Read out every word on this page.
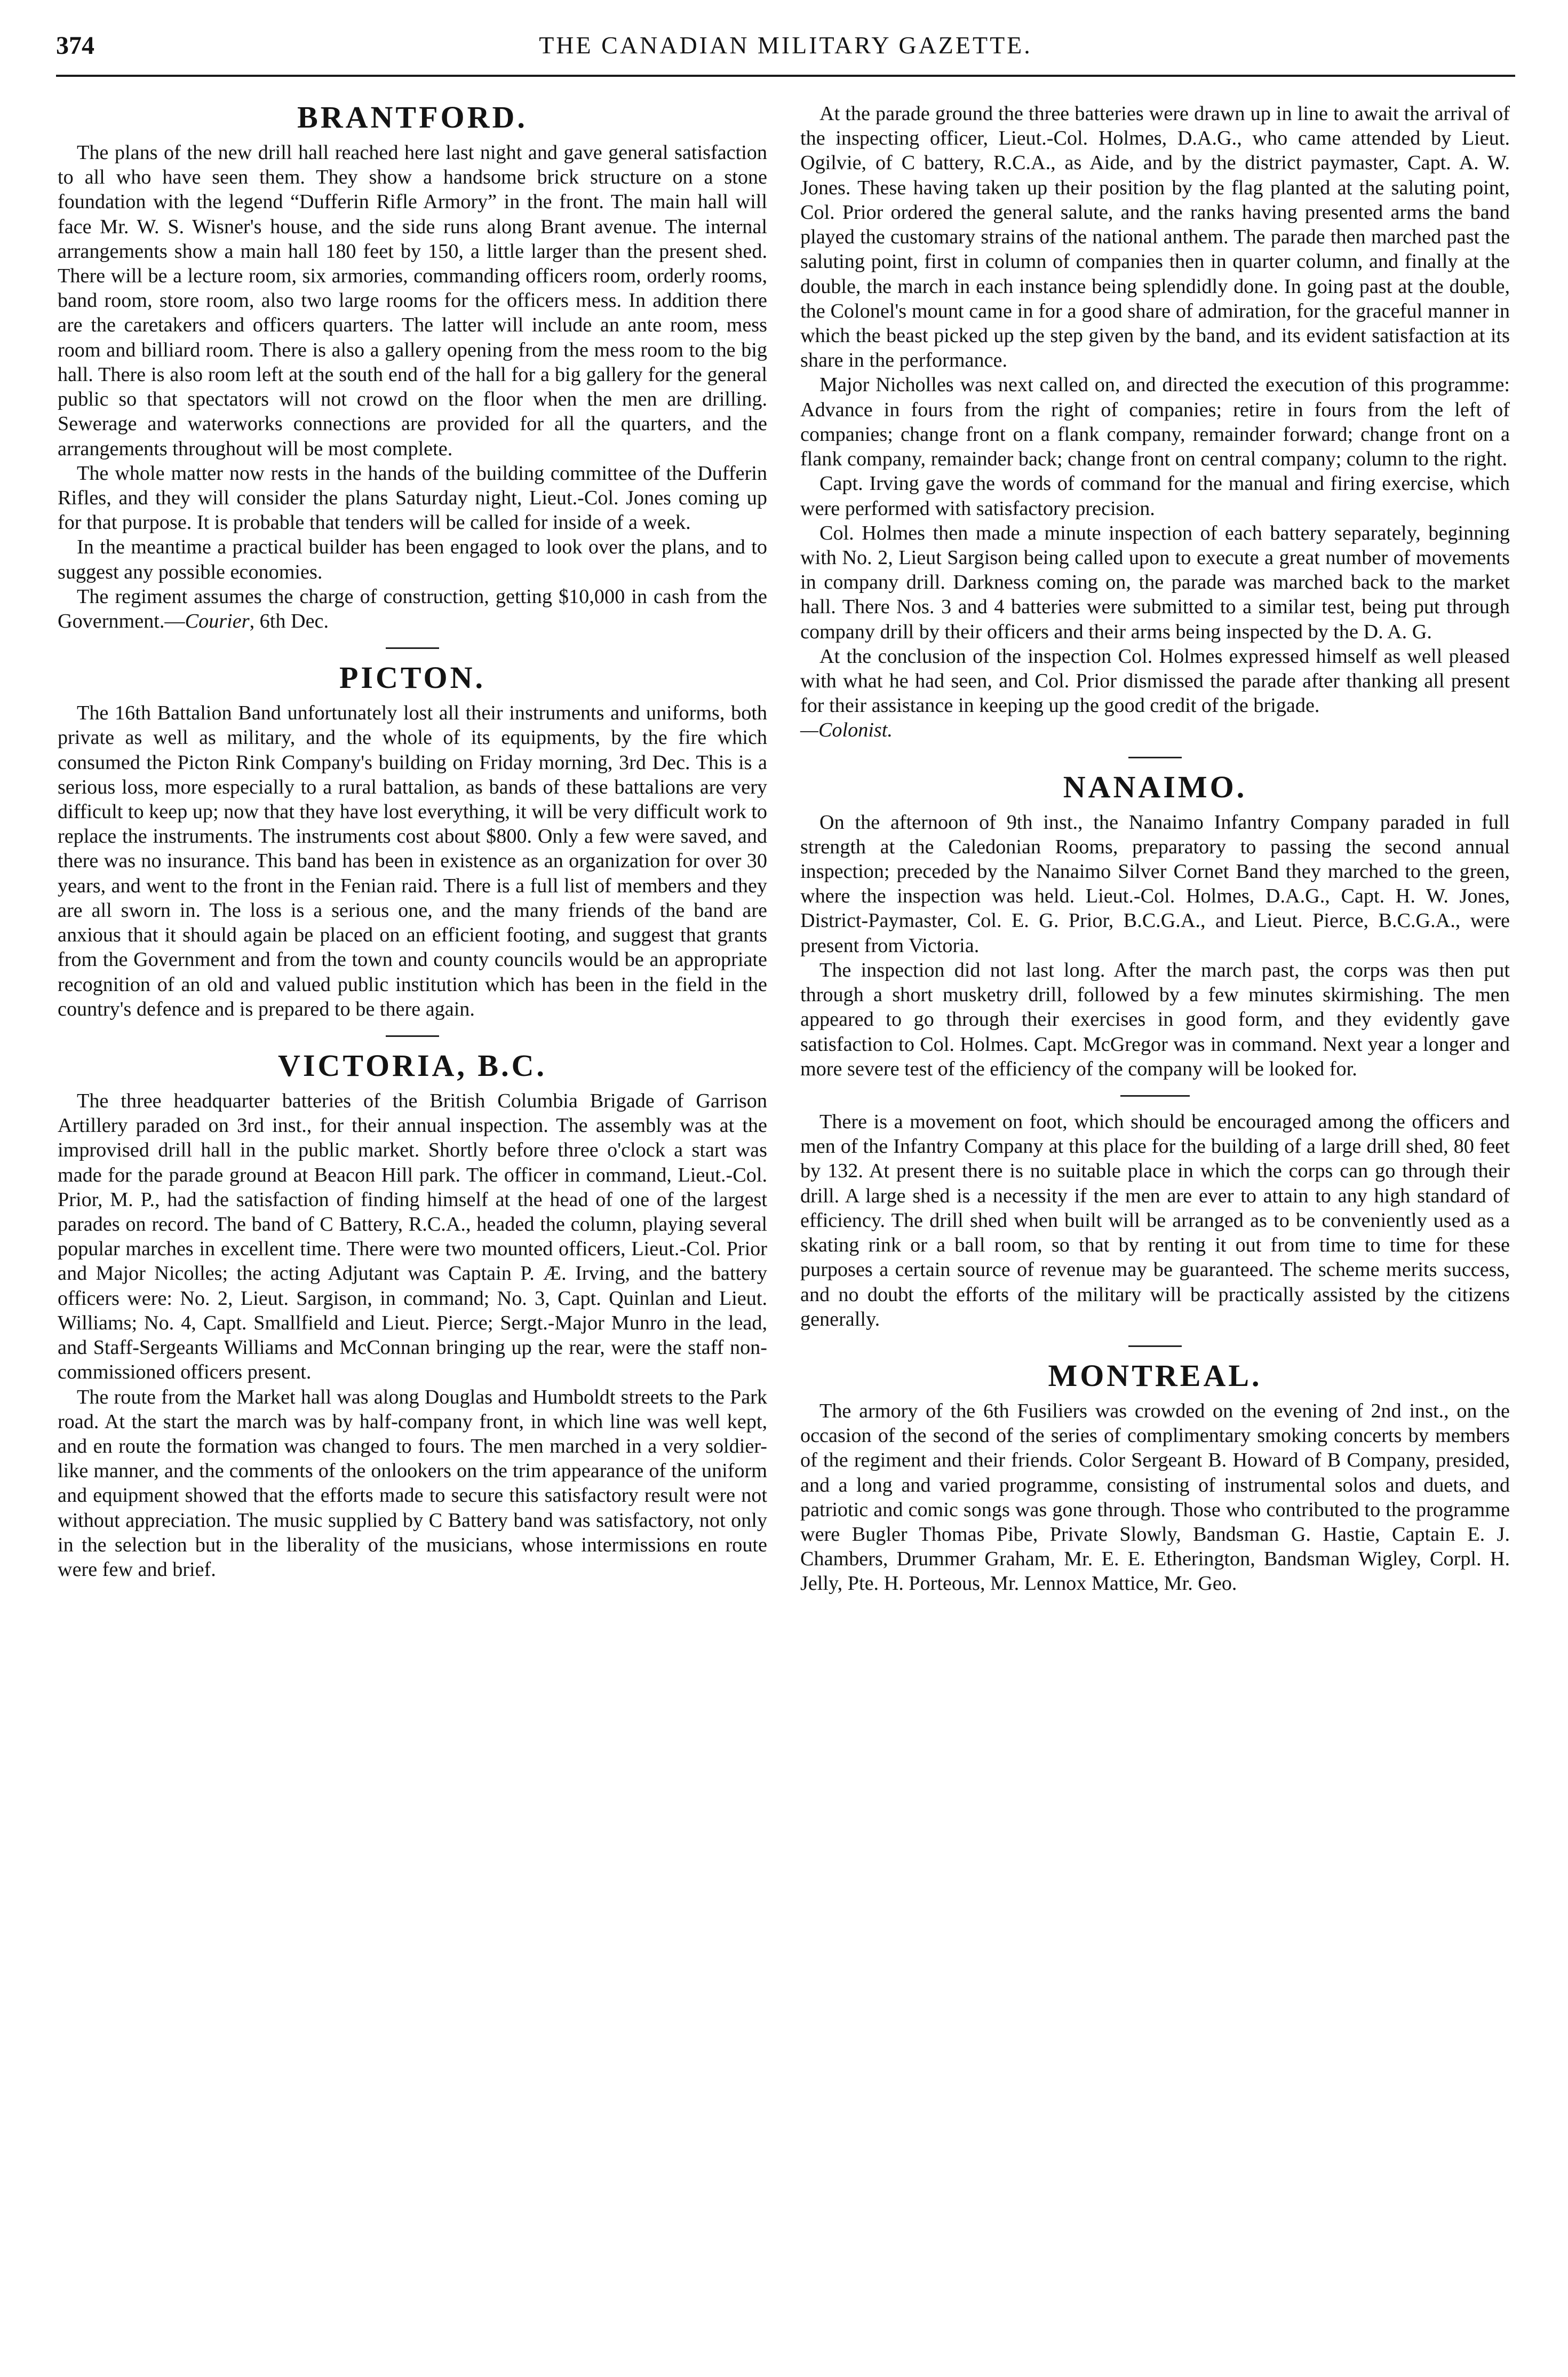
374	THE CANADIAN MILITARY GAZETTE.
BRANTFORD.

The plans of the new drill hall reached here last night and gave general satisfaction to all who have seen them. They show a handsome brick structure on a stone foundation with the legend “Dufferin Rifle Armory” in the front. The main hall will face Mr. W. S. Wisner's house, and the side runs along Brant avenue. The internal arrangements show a main hall 180 feet by 150, a little larger than the present shed. There will be a lecture room, six armories, commanding officers room, orderly rooms, band room, store room, also two large rooms for the officers mess. In addition there are the caretakers and officers quarters. The latter will include an ante room, mess room and billiard room. There is also a gallery opening from the mess room to the big hall. There is also room left at the south end of the hall for a big gallery for the general public so that spectators will not crowd on the floor when the men are drilling. Sewerage and waterworks connections are provided for all the quarters, and the arrangements throughout will be most complete.

The whole matter now rests in the hands of the building committee of the Dufferin Rifles, and they will consider the plans Saturday night, Lieut.-Col. Jones coming up for that purpose. It is probable that tenders will be called for inside of a week.

In the meantime a practical builder has been engaged to look over the plans, and to suggest any possible economies.

The regiment assumes the charge of construction, getting $10,000 in cash from the Government.—Courier, 6th Dec.

PICTON.

The 16th Battalion Band unfortunately lost all their instruments and uniforms, both private as well as military, and the whole of its equipments, by the fire which consumed the Picton Rink Company's building on Friday morning, 3rd Dec. This is a serious loss, more especially to a rural battalion, as bands of these battalions are very difficult to keep up; now that they have lost everything, it will be very difficult work to replace the instruments. The instruments cost about $800. Only a few were saved, and there was no insurance. This band has been in existence as an organization for over 30 years, and went to the front in the Fenian raid. There is a full list of members and they are all sworn in. The loss is a serious one, and the many friends of the band are anxious that it should again be placed on an efficient footing, and suggest that grants from the Government and from the town and county councils would be an appropriate recognition of an old and valued public institution which has been in the field in the country's defence and is prepared to be there again.

VICTORIA, B.C.

The three headquarter batteries of the British Columbia Brigade of Garrison Artillery paraded on 3rd inst., for their annual inspection. The assembly was at the improvised drill hall in the public market. Shortly before three o'clock a start was made for the parade ground at Beacon Hill park. The officer in command, Lieut.-Col. Prior, M. P., had the satisfaction of finding himself at the head of one of the largest parades on record. The band of C Battery, R.C.A., headed the column, playing several popular marches in excellent time. There were two mounted officers, Lieut.-Col. Prior and Major Nicolles; the acting Adjutant was Captain P. Æ. Irving, and the battery officers were: No. 2, Lieut. Sargison, in command; No. 3, Capt. Quinlan and Lieut. Williams; No. 4, Capt. Smallfield and Lieut. Pierce; Sergt.-Major Munro in the lead, and Staff-Sergeants Williams and McConnan bringing up the rear, were the staff non-commissioned officers present.

The route from the Market hall was along Douglas and Humboldt streets to the Park road. At the start the march was by half-company front, in which line was well kept, and en route the formation was changed to fours. The men marched in a very soldier-like manner, and the comments of the onlookers on the trim appearance of the uniform and equipment showed that the efforts made to secure this satisfactory result were not without appreciation. The music supplied by C Battery band was satisfactory, not only in the selection but in the liberality of the musicians, whose intermissions en route were few and brief.

At the parade ground the three batteries were drawn up in line to await the arrival of the inspecting officer, Lieut.-Col. Holmes, D.A.G., who came attended by Lieut. Ogilvie, of C battery, R.C.A., as Aide, and by the district paymaster, Capt. A. W. Jones. These having taken up their position by the flag planted at the saluting point, Col. Prior ordered the general salute, and the ranks having presented arms the band played the customary strains of the national anthem. The parade then marched past the saluting point, first in column of companies then in quarter column, and finally at the double, the march in each instance being splendidly done. In going past at the double, the Colonel's mount came in for a good share of admiration, for the graceful manner in which the beast picked up the step given by the band, and its evident satisfaction at its share in the performance.

Major Nicholles was next called on, and directed the execution of this programme: Advance in fours from the right of companies; retire in fours from the left of companies; change front on a flank company, remainder forward; change front on a flank company, remainder back; change front on central company; column to the right.

Capt. Irving gave the words of command for the manual and firing exercise, which were performed with satisfactory precision.

Col. Holmes then made a minute inspection of each battery separately, beginning with No. 2, Lieut Sargison being called upon to execute a great number of movements in company drill. Darkness coming on, the parade was marched back to the market hall. There Nos. 3 and 4 batteries were submitted to a similar test, being put through company drill by their officers and their arms being inspected by the D. A. G.

At the conclusion of the inspection Col. Holmes expressed himself as well pleased with what he had seen, and Col. Prior dismissed the parade after thanking all present for their assistance in keeping up the good credit of the brigade.

—Colonist.

NANAIMO.

On the afternoon of 9th inst., the Nanaimo Infantry Company paraded in full strength at the Caledonian Rooms, preparatory to passing the second annual inspection; preceded by the Nanaimo Silver Cornet Band they marched to the green, where the inspection was held. Lieut.-Col. Holmes, D.A.G., Capt. H. W. Jones, District-Paymaster, Col. E. G. Prior, B.C.G.A., and Lieut. Pierce, B.C.G.A., were present from Victoria.

The inspection did not last long. After the march past, the corps was then put through a short musketry drill, followed by a few minutes skirmishing. The men appeared to go through their exercises in good form, and they evidently gave satisfaction to Col. Holmes. Capt. McGregor was in command. Next year a longer and more severe test of the efficiency of the company will be looked for.

There is a movement on foot, which should be encouraged among the officers and men of the Infantry Company at this place for the building of a large drill shed, 80 feet by 132. At present there is no suitable place in which the corps can go through their drill. A large shed is a necessity if the men are ever to attain to any high standard of efficiency. The drill shed when built will be arranged as to be conveniently used as a skating rink or a ball room, so that by renting it out from time to time for these purposes a certain source of revenue may be guaranteed. The scheme merits success, and no doubt the efforts of the military will be practically assisted by the citizens generally.

MONTREAL.

The armory of the 6th Fusiliers was crowded on the evening of 2nd inst., on the occasion of the second of the series of complimentary smoking concerts by members of the regiment and their friends. Color Sergeant B. Howard of B Company, presided, and a long and varied programme, consisting of instrumental solos and duets, and patriotic and comic songs was gone through. Those who contributed to the programme were Bugler Thomas Pibe, Private Slowly, Bandsman G. Hastie, Captain E. J. Chambers, Drummer Graham, Mr. E. E. Etherington, Bandsman Wigley, Corpl. H. Jelly, Pte. H. Porteous, Mr. Lennox Mattice, Mr. Geo.
